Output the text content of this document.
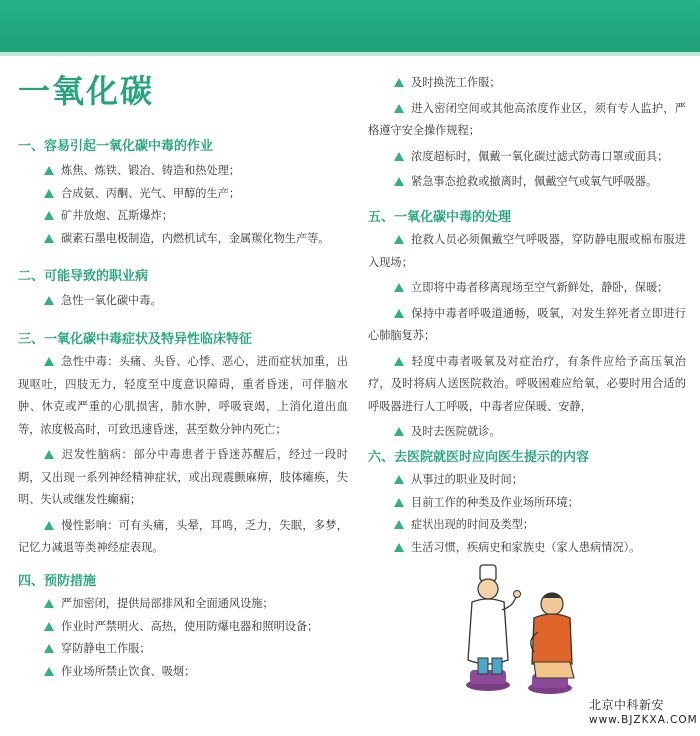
一氧化碳
一、容易引起一氧化碳中毒的作业
炼焦、炼铁、锻冶、铸造和热处理；
合成氨、丙酮、光气、甲醇的生产；
矿井放炮、瓦斯爆炸；
碳素石墨电极制造，内燃机试车，金属羰化物生产等。
二、可能导致的职业病
急性一氧化碳中毒。
三、一氧化碳中毒症状及特异性临床特征
急性中毒：头痛、头昏、心悸、恶心，进而症状加重，出现呕吐，四肢无力，轻度至中度意识障碍，重者昏迷，可伴脑水肿、休克或严重的心肌损害，肺水肿，呼吸衰竭，上消化道出血等，浓度极高时，可致迅速昏迷，甚至数分钟内死亡；
迟发性脑病：部分中毒患者于昏迷苏醒后，经过一段时期，又出现一系列神经精神症状，或出现震颤麻痹，肢体瘫痪，失明、失认或继发性癫痫；
慢性影响：可有头痛，头晕，耳鸣，乏力，失眠，多梦，记忆力减退等类神经症表现。
四、预防措施
严加密闭，提供局部排风和全面通风设施；
作业时严禁明火、高热，使用防爆电器和照明设备；
穿防静电工作服；
作业场所禁止饮食、吸烟；
及时换洗工作服；
进入密闭空间或其他高浓度作业区，须有专人监护，严格遵守安全操作规程；
浓度超标时，佩戴一氧化碳过滤式防毒口罩或面具；
紧急事态抢救或撤离时，佩戴空气或氧气呼吸器。
五、一氧化碳中毒的处理
抢救人员必须佩戴空气呼吸器，穿防静电服或棉布服进入现场；
立即将中毒者移离现场至空气新鲜处，静卧，保暖；
保持中毒者呼吸道通畅，吸氧，对发生猝死者立即进行心肺脑复苏；
轻度中毒者吸氧及对症治疗，有条件应给予高压氧治疗，及时将病人送医院救治。呼吸困难应给氧，必要时用合适的呼吸器进行人工呼吸，中毒者应保暖、安静，
及时去医院就诊。
六、去医院就医时应向医生提示的内容
从事过的职业及时间；
目前工作的种类及作业场所环境；
症状出现的时间及类型；
生活习惯，疾病史和家族史（家人患病情况）。
北京中科新安
www.BJZKXA.COM
